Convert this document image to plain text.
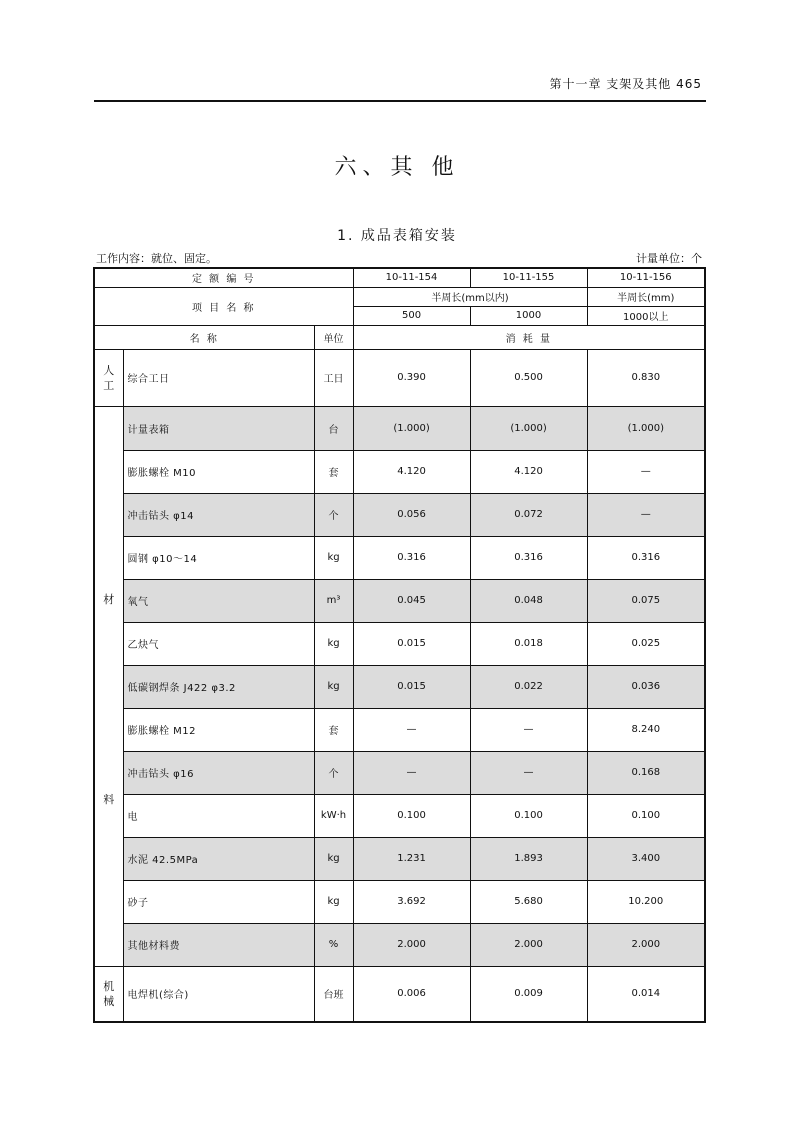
第十一章 支架及其他 465
六、其 他
1. 成品表箱安装
工作内容：就位、固定。	计量单位：个
定 额 编 号			10-11-154	10-11-155	10-11-156
项 目 名 称			半周长(mm以内)		半周长(mm)
			500	1000	1000以上
名 称		单位	消 耗 量		

人
工	综合工日	工日	0.390	0.500	0.830

材
料	计量表箱	台	(1.000)	(1.000)	(1.000)
	膨胀螺栓 M10	套	4.120	4.120	—
	冲击钻头 φ14	个	0.056	0.072	—
	圆钢 φ10～14	kg	0.316	0.316	0.316
	氧气	m³	0.045	0.048	0.075
	乙炔气	kg	0.015	0.018	0.025
	低碳钢焊条 J422 φ3.2	kg	0.015	0.022	0.036
	膨胀螺栓 M12	套	—	—	8.240
	冲击钻头 φ16	个	—	—	0.168
	电	kW·h	0.100	0.100	0.100
	水泥 42.5MPa	kg	1.231	1.893	3.400
	砂子	kg	3.692	5.680	10.200
	其他材料费	%	2.000	2.000	2.000

机
械	电焊机(综合)	台班	0.006	0.009	0.014
